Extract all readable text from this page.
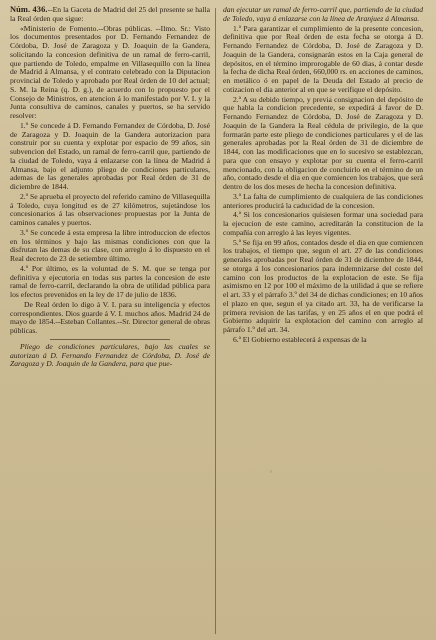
Núm. 436.--En la Gaceta de Madrid del 25 del presente se halla la Real órden que sigue:

«Ministerio de Fomento.--Obras públicas. --Ilmo. Sr.: Visto los documentos presentados por D. Fernando Fernandez de Córdoba, D. José de Zaragoza y D. Joaquin de la Gandera, solicitando la concesion definitiva de un ramal de ferro-carril, que partiendo de Toledo, empalme en Villasequillo con la línea de Madrid á Almansa, y el contrato celebrado con la Diputacion provincial de Toledo y aprobado por Real órden de 10 del actual; S. M. la Reina (q. D. g.), de acuerdo con lo propuesto por el Consejo de Ministros, en atencion á lo manifestado por V. I. y la Junta consultiva de caminos, canales y puertos, se ha servido resolver:

1.º Se concede á D. Fernando Fernandez de Córdoba, D. José de Zaragoza y D. Joaquin de la Gandera autorizacion para construir por su cuenta y explotar por espacio de 99 años, sin subvencion del Estado, un ramal de ferro-carril que, partiendo de la ciudad de Toledo, vaya á enlazarse con la línea de Madrid á Almansa, bajo el adjunto pliego de condiciones particulares, ademas de las generales aprobadas por Real órden de 31 de diciembre de 1844.

2.º Se aprueba el proyecto del referido camino de Villasequilla á Toledo, cuya longitud es de 27 kilómetros, sujetándose los concesionarios á las observaciones propuestas por la Junta de caminos canales y puertos.

3.º Se concede á esta empresa la libre introduccion de efectos en los términos y bajo las mismas condiciones con que la disfrutan las demas de su clase, con arreglo á lo dispuesto en el Real decreto de 23 de setiembre último.

4.º Por último, es la voluntad de S. M. que se tenga por definitiva y ejecutoria en todas sus partes la concesion de este ramal de ferro-carril, declarando la obra de utilidad pública para los efectos prevenidos en la ley de 17 de julio de 1836.

De Real órden lo digo á V. I. para su inteligencia y efectos correspondientes. Dios guarde á V. I. muchos años. Madrid 24 de mayo de 1854.--Esteban Collantes.--Sr. Director general de obras públicas.

Pliego de condiciones particulares, bajo las cuales se autorizan á D. Fernando Fernandez de Córdoba, D. José de Zaragoza y D. Joaquin de la Gandera, para que pue-

dan ejecutar un ramal de ferro-carril que, partiendo de la ciudad de Toledo, vaya á enlazarse con la línea de Aranjuez á Almansa.

1.ª Para garantizar el cumplimiento de la presente concesion, definitiva que por Real órden de esta fecha se otorga á D. Fernando Fernandez de Córdoba, D. José de Zaragoza y D. Joaquin de la Gandera, consignarán estos en la Caja general de depósitos, en el término improrogable de 60 dias, á contar desde la fecha de dicha Real órden, 660,000 rs. en acciones de caminos, en metálico ó en papel de la Deuda del Estado al precio de cotizacion el dia anterior al en que se verifique el depósito.

2.ª A su debido tiempo, y previa consignacion del depósito de que habla la condicion precedente, se expedirá á favor de D. Fernando Fernandez de Córdoba, D. José de Zaragoza y D. Joaquin de la Gandera la Real cédula de privilegio, de la que formarán parte este pliego de condiciones particulares y el de las generales aprobadas por la Real órden de 31 de diciembre de 1844, con las modificaciones que en lo sucesivo se establezcan, para que con ensayo y explotar por su cuenta el ferro-carril mencionado, con la obligacion de concluirlo en el término de un año, contado desde el dia en que comiencen los trabajos, que será dentro de los dos meses de hecha la concesion definitiva.

3.ª La falta de cumplimiento de cualquiera de las condiciones anteriores producirá la caducidad de la concesion.

4.ª Si los concesionarios quisiesen formar una sociedad para la ejecucion de este camino, acreditarán la constitucion de la compañía con arreglo á las leyes vigentes.

5.ª Se fija en 99 años, contados desde el dia en que comiencen los trabajos, el tiempo que, segun el art. 27 de las condiciones generales aprobadas por Real órden de 31 de diciembre de 1844, se otorga á los concesionarios para indemnizarse del coste del camino con los productos de la explotacion de este. Se fija asimismo en 12 por 100 el máximo de la utilidad á que se refiere el art. 33 y el párrafo 3.º del 34 de dichas condiciones; en 10 años el plazo en que, segun el ya citado art. 33, ha de verificarse la primera revision de las tarifas, y en 25 años el en que podrá el Gobierno adquirir la explotacion del camino con arreglo al párrafo 1.º del art. 34.

6.ª El Gobierno establecerá á expensas de la
